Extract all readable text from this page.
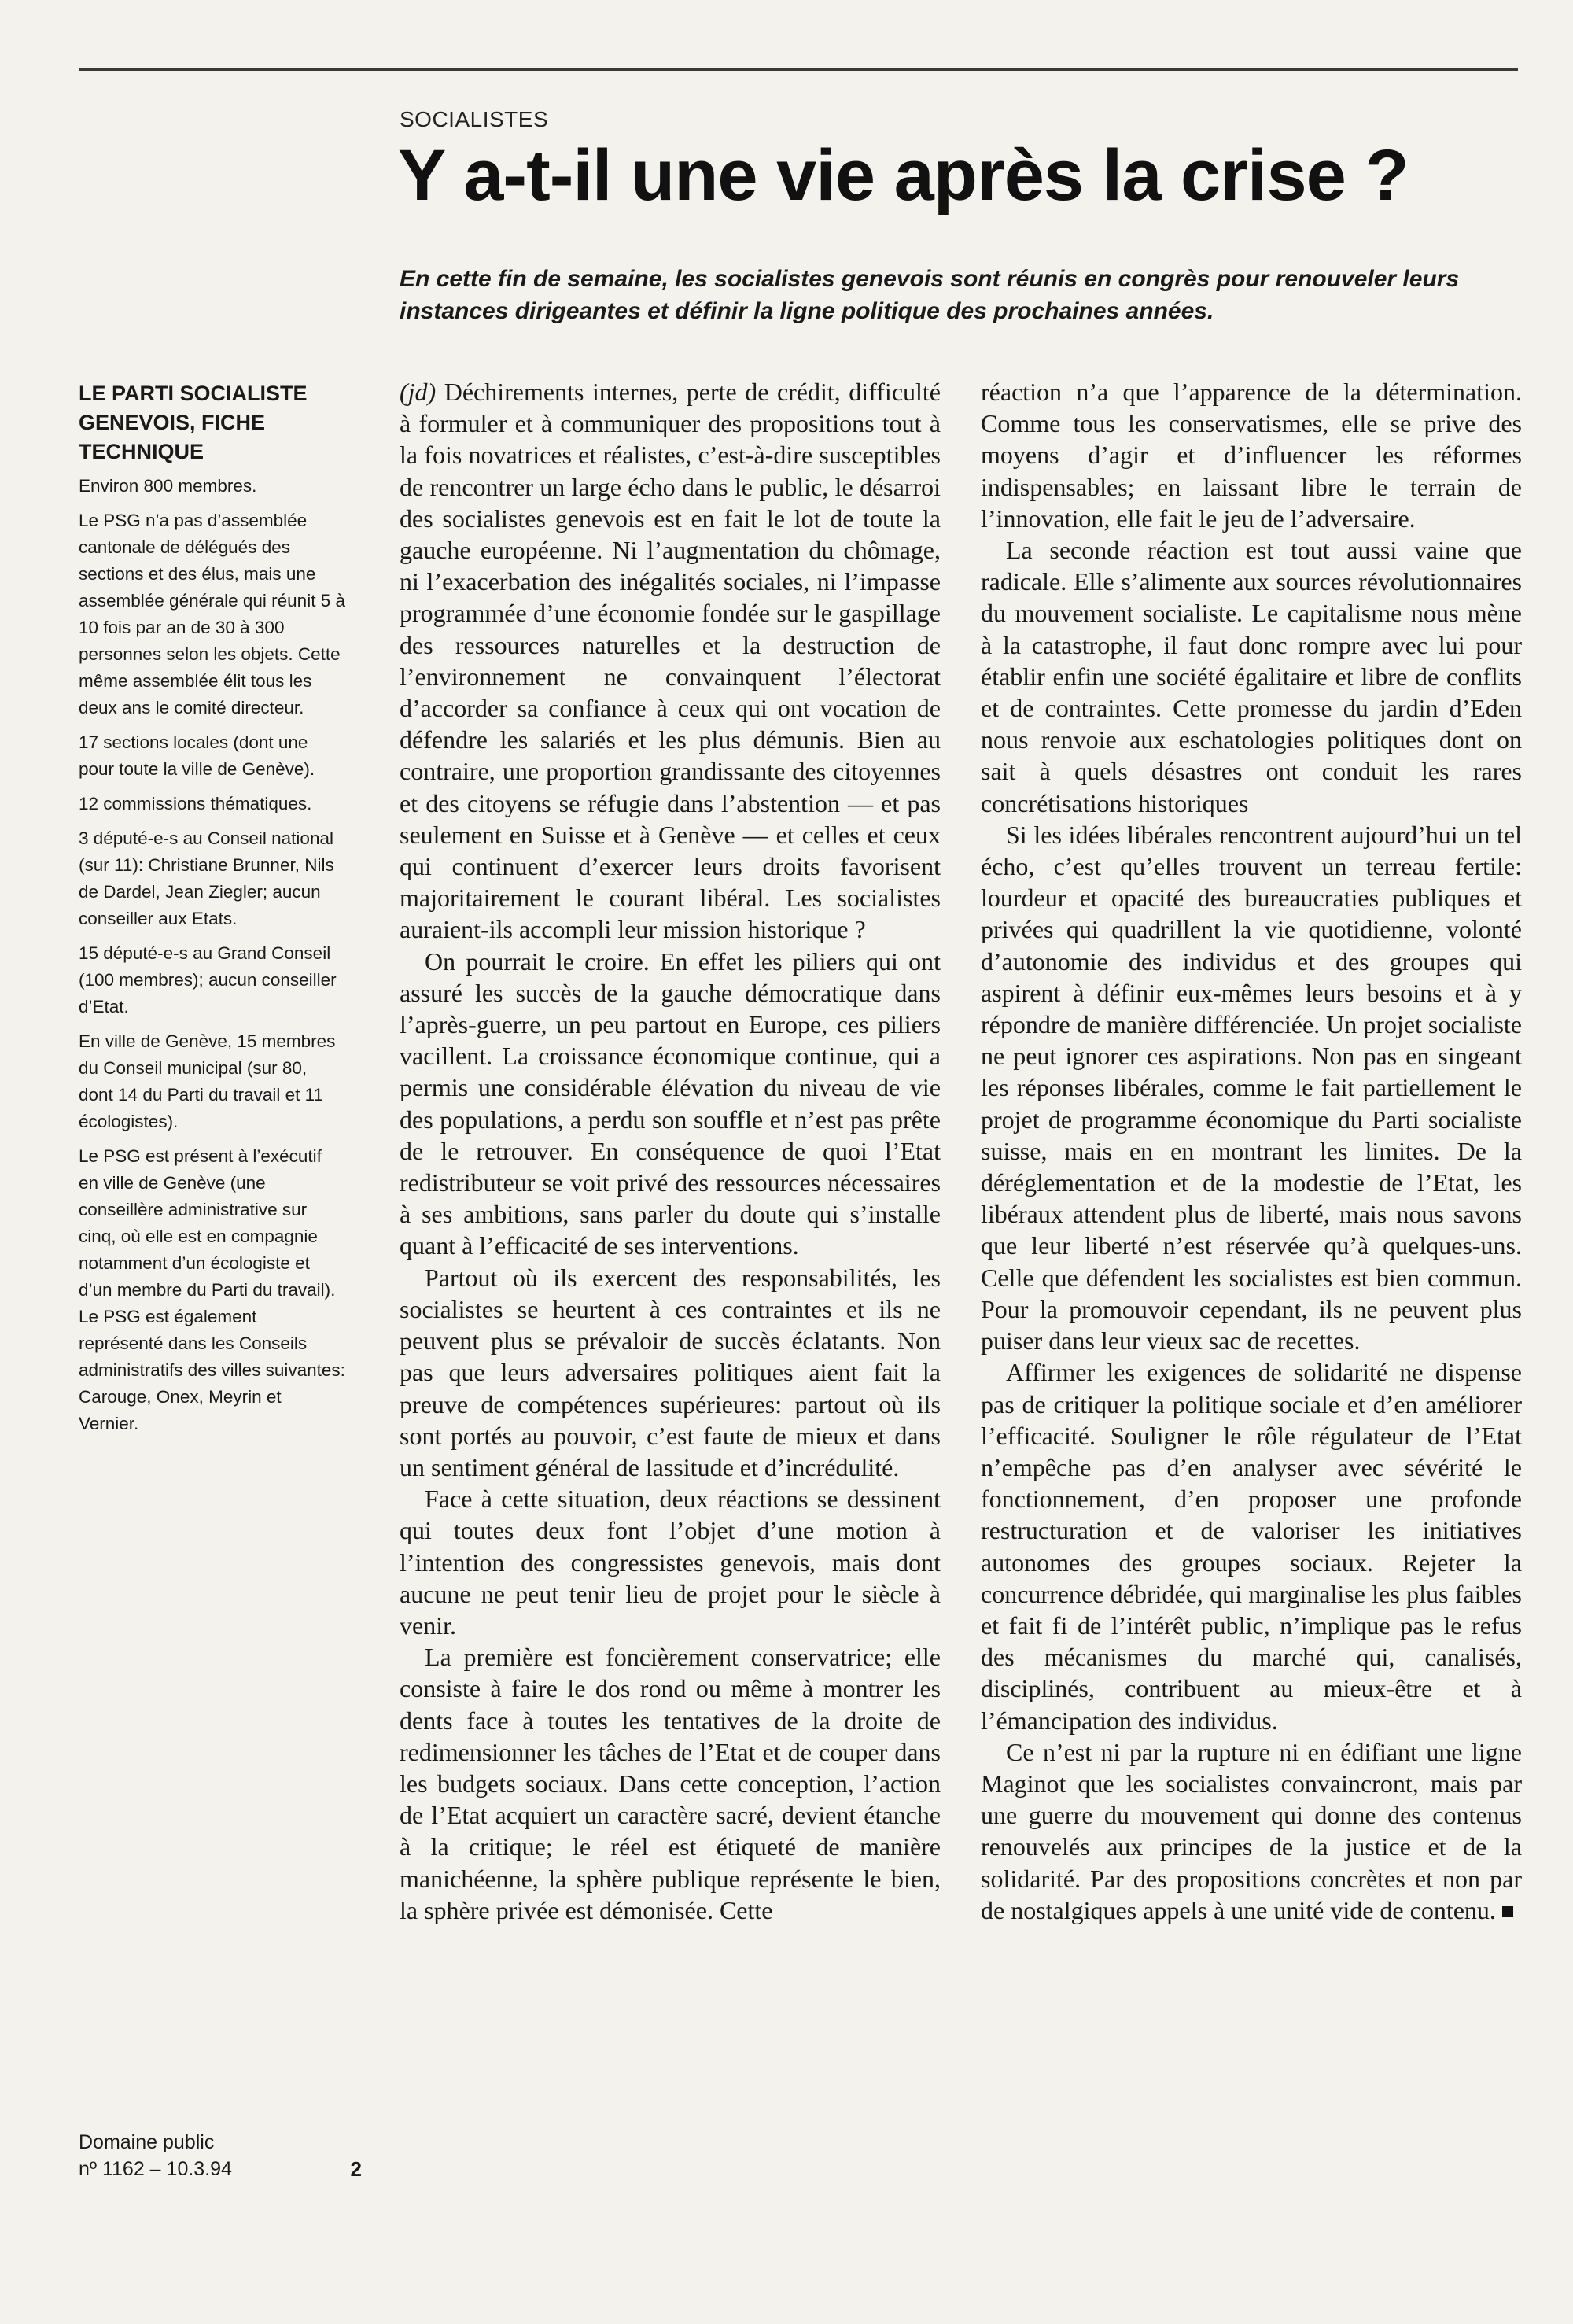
SOCIALISTES
Y a-t-il une vie après la crise ?

En cette fin de semaine, les socialistes genevois sont réunis en congrès pour renouveler leurs instances dirigeantes et définir la ligne politique des prochaines années.

LE PARTI SOCIALISTE GENEVOIS, FICHE TECHNIQUE

Environ 800 membres.

Le PSG n’a pas d’assemblée cantonale de délégués des sections et des élus, mais une assemblée générale qui réunit 5 à 10 fois par an de 30 à 300 personnes selon les objets. Cette même assemblée élit tous les deux ans le comité directeur.

17 sections locales (dont une pour toute la ville de Genève).

12 commissions thématiques.

3 député-e-s au Conseil national (sur 11): Christiane Brunner, Nils de Dardel, Jean Ziegler; aucun conseiller aux Etats.

15 député-e-s au Grand Conseil (100 membres); aucun conseiller d’Etat.

En ville de Genève, 15 membres du Conseil municipal (sur 80, dont 14 du Parti du travail et 11 écologistes).

Le PSG est présent à l’exécutif en ville de Genève (une conseillère administrative sur cinq, où elle est en compagnie notamment d’un écologiste et d’un membre du Parti du travail). Le PSG est également représenté dans les Conseils administratifs des villes suivantes: Carouge, Onex, Meyrin et Vernier.

Domaine public
nº 1162 – 10.3.94	2

(jd) Déchirements internes, perte de crédit, difficulté à formuler et à communiquer des propositions tout à la fois novatrices et réalistes, c’est-à-dire susceptibles de rencontrer un large écho dans le public, le désarroi des socialistes genevois est en fait le lot de toute la gauche européenne. Ni l’augmentation du chômage, ni l’exacerbation des inégalités sociales, ni l’impasse programmée d’une économie fondée sur le gaspillage des ressources naturelles et la destruction de l’environnement ne convainquent l’électorat d’accorder sa confiance à ceux qui ont vocation de défendre les salariés et les plus démunis. Bien au contraire, une proportion grandissante des citoyennes et des citoyens se réfugie dans l’abstention — et pas seulement en Suisse et à Genève — et celles et ceux qui continuent d’exercer leurs droits favorisent majoritairement le courant libéral. Les socialistes auraient-ils accompli leur mission historique ?

On pourrait le croire. En effet les piliers qui ont assuré les succès de la gauche démocratique dans l’après-guerre, un peu partout en Europe, ces piliers vacillent. La croissance économique continue, qui a permis une considérable élévation du niveau de vie des populations, a perdu son souffle et n’est pas prête de le retrouver. En conséquence de quoi l’Etat redistributeur se voit privé des ressources nécessaires à ses ambitions, sans parler du doute qui s’installe quant à l’efficacité de ses interventions.

Partout où ils exercent des responsabilités, les socialistes se heurtent à ces contraintes et ils ne peuvent plus se prévaloir de succès éclatants. Non pas que leurs adversaires politiques aient fait la preuve de compétences supérieures: partout où ils sont portés au pouvoir, c’est faute de mieux et dans un sentiment général de lassitude et d’incrédulité.

Face à cette situation, deux réactions se dessinent qui toutes deux font l’objet d’une motion à l’intention des congressistes genevois, mais dont aucune ne peut tenir lieu de projet pour le siècle à venir.

La première est foncièrement conservatrice; elle consiste à faire le dos rond ou même à montrer les dents face à toutes les tentatives de la droite de redimensionner les tâches de l’Etat et de couper dans les budgets sociaux. Dans cette conception, l’action de l’Etat acquiert un caractère sacré, devient étanche à la critique; le réel est étiqueté de manière manichéenne, la sphère publique représente le bien, la sphère privée est démonisée. Cette

réaction n’a que l’apparence de la détermination. Comme tous les conservatismes, elle se prive des moyens d’agir et d’influencer les réformes indispensables; en laissant libre le terrain de l’innovation, elle fait le jeu de l’adversaire.

La seconde réaction est tout aussi vaine que radicale. Elle s’alimente aux sources révolutionnaires du mouvement socialiste. Le capitalisme nous mène à la catastrophe, il faut donc rompre avec lui pour établir enfin une société égalitaire et libre de conflits et de contraintes. Cette promesse du jardin d’Eden nous renvoie aux eschatologies politiques dont on sait à quels désastres ont conduit les rares concrétisations historiques

Si les idées libérales rencontrent aujourd’hui un tel écho, c’est qu’elles trouvent un terreau fertile: lourdeur et opacité des bureaucraties publiques et privées qui quadrillent la vie quotidienne, volonté d’autonomie des individus et des groupes qui aspirent à définir eux-mêmes leurs besoins et à y répondre de manière différenciée. Un projet socialiste ne peut ignorer ces aspirations. Non pas en singeant les réponses libérales, comme le fait partiellement le projet de programme économique du Parti socialiste suisse, mais en en montrant les limites. De la déréglementation et de la modestie de l’Etat, les libéraux attendent plus de liberté, mais nous savons que leur liberté n’est réservée qu’à quelques-uns. Celle que défendent les socialistes est bien commun. Pour la promouvoir cependant, ils ne peuvent plus puiser dans leur vieux sac de recettes.

Affirmer les exigences de solidarité ne dispense pas de critiquer la politique sociale et d’en améliorer l’efficacité. Souligner le rôle régulateur de l’Etat n’empêche pas d’en analyser avec sévérité le fonctionnement, d’en proposer une profonde restructuration et de valoriser les initiatives autonomes des groupes sociaux. Rejeter la concurrence débridée, qui marginalise les plus faibles et fait fi de l’intérêt public, n’implique pas le refus des mécanismes du marché qui, canalisés, disciplinés, contribuent au mieux-être et à l’émancipation des individus.

Ce n’est ni par la rupture ni en édifiant une ligne Maginot que les socialistes convaincront, mais par une guerre du mouvement qui donne des contenus renouvelés aux principes de la justice et de la solidarité. Par des propositions concrètes et non par de nostalgiques appels à une unité vide de contenu.
